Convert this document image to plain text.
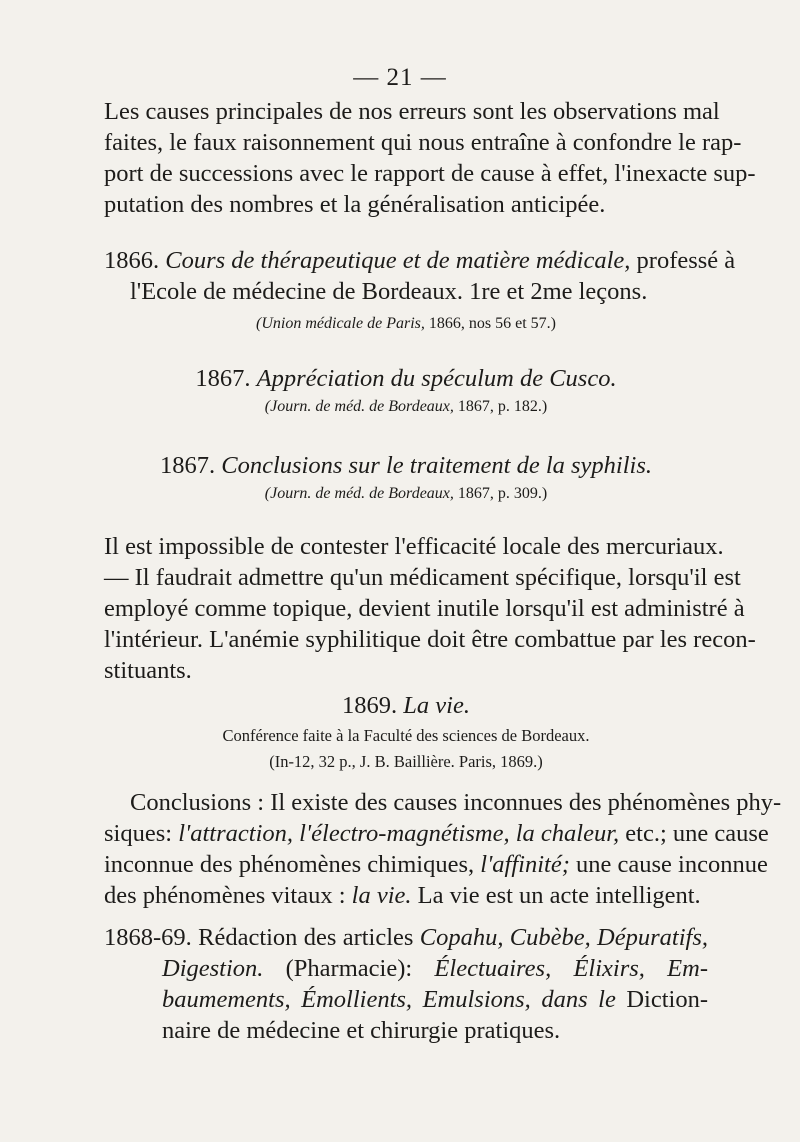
— 21 —
Les causes principales de nos erreurs sont les observations mal
faites, le faux raisonnement qui nous entraîne à confondre le rap-
port de successions avec le rapport de cause à effet, l'inexacte sup-
putation des nombres et la généralisation anticipée.
1866. Cours de thérapeutique et de matière médicale, professé à
l'Ecole de médecine de Bordeaux. 1re et 2me leçons.
(Union médicale de Paris, 1866, nos 56 et 57.)
1867. Appréciation du spéculum de Cusco.
(Journ. de méd. de Bordeaux, 1867, p. 182.)
1867. Conclusions sur le traitement de la syphilis.
(Journ. de méd. de Bordeaux, 1867, p. 309.)
Il est impossible de contester l'efficacité locale des mercuriaux.
— Il faudrait admettre qu'un médicament spécifique, lorsqu'il est
employé comme topique, devient inutile lorsqu'il est administré à
l'intérieur. L'anémie syphilitique doit être combattue par les recon-
stituants.
1869. La vie.
Conférence faite à la Faculté des sciences de Bordeaux.
(In-12, 32 p., J. B. Baillière. Paris, 1869.)
Conclusions : Il existe des causes inconnues des phénomènes phy-
siques: l'attraction, l'électro-magnétisme, la chaleur, etc.; une cause
inconnue des phénomènes chimiques, l'affinité; une cause inconnue
des phénomènes vitaux : la vie. La vie est un acte intelligent.
1868-69. Rédaction des articles Copahu, Cubèbe, Dépuratifs,
Digestion. (Pharmacie): Électuaires, Élixirs, Em-
baumements, Émollients, Emulsions, dans le Diction-
naire de médecine et chirurgie pratiques.
